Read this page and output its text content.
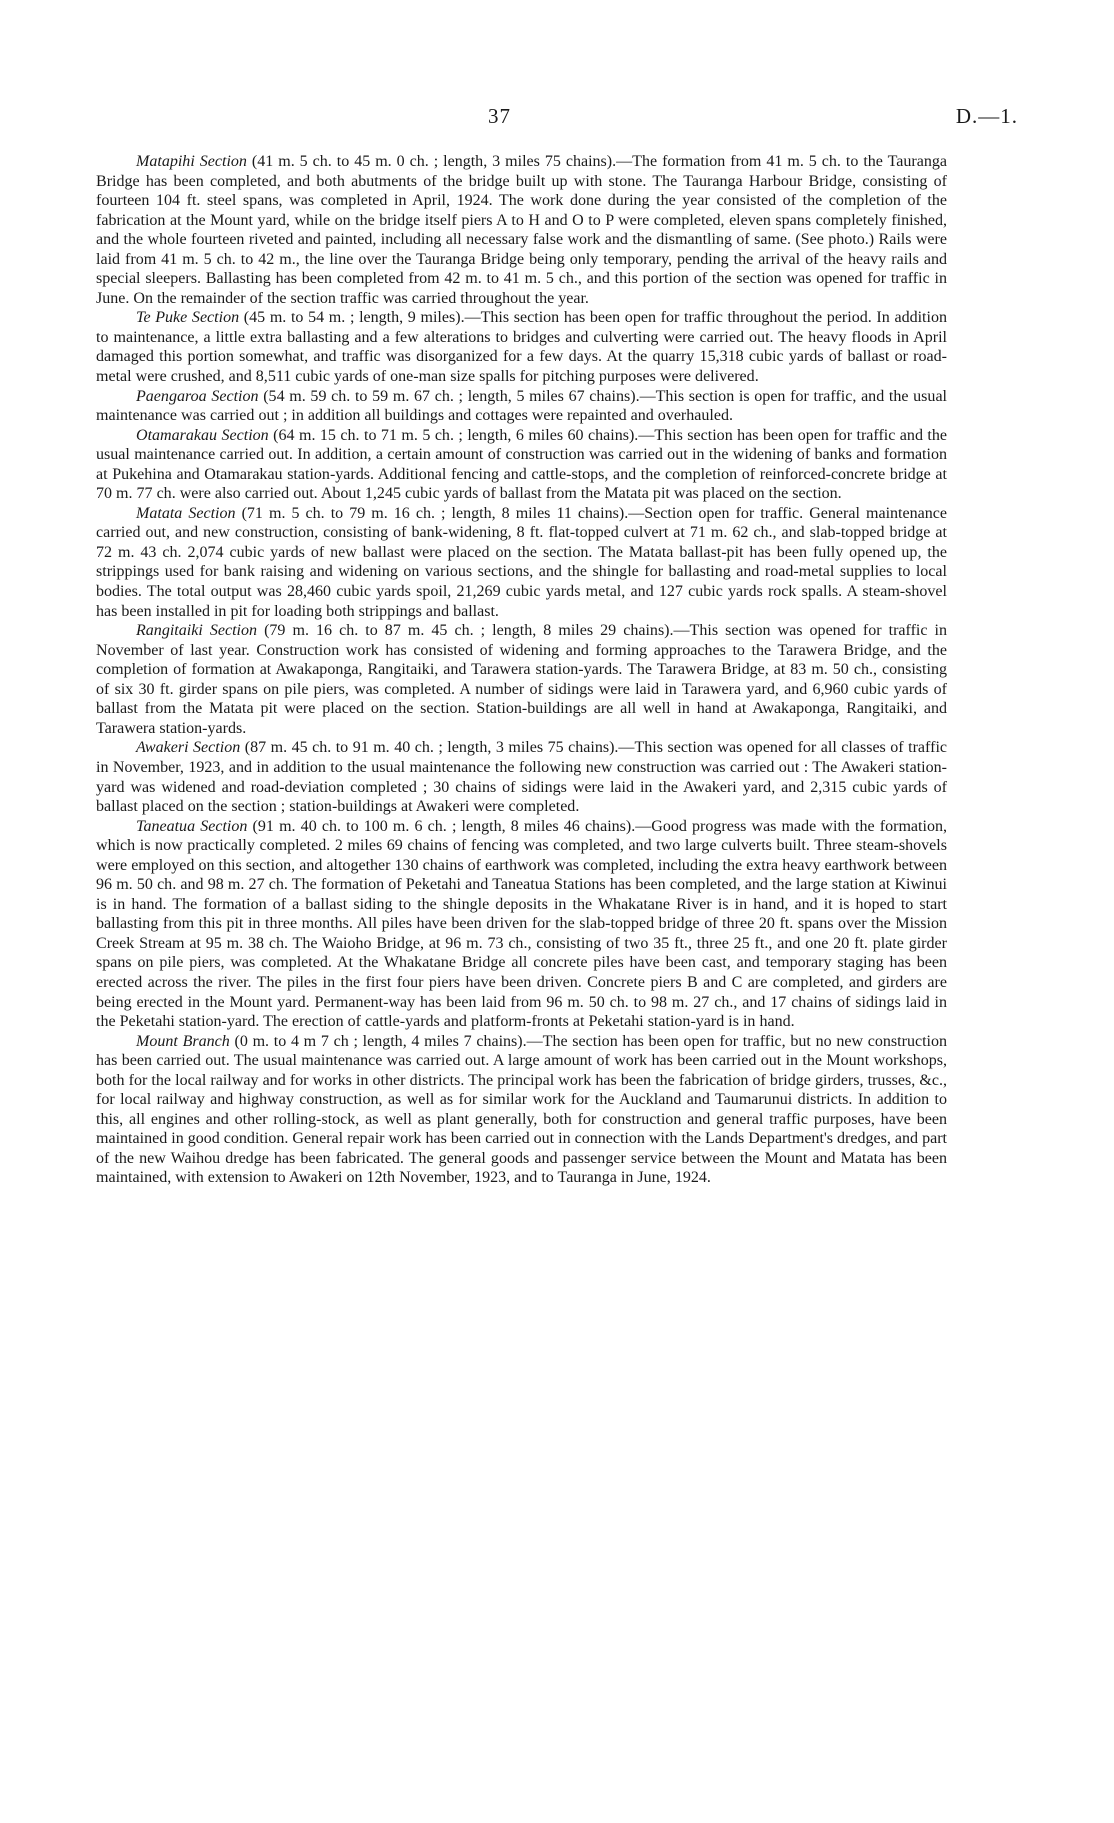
37	D.—1.

Matapihi Section (41 m. 5 ch. to 45 m. 0 ch. ; length, 3 miles 75 chains).—The formation from 41 m. 5 ch. to the Tauranga Bridge has been completed, and both abutments of the bridge built up with stone. The Tauranga Harbour Bridge, consisting of fourteen 104 ft. steel spans, was completed in April, 1924. The work done during the year consisted of the completion of the fabrication at the Mount yard, while on the bridge itself piers A to H and O to P were completed, eleven spans completely finished, and the whole fourteen riveted and painted, including all necessary false work and the dismantling of same. (See photo.) Rails were laid from 41 m. 5 ch. to 42 m., the line over the Tauranga Bridge being only temporary, pending the arrival of the heavy rails and special sleepers. Ballasting has been completed from 42 m. to 41 m. 5 ch., and this portion of the section was opened for traffic in June. On the remainder of the section traffic was carried throughout the year.

Te Puke Section (45 m. to 54 m. ; length, 9 miles).—This section has been open for traffic throughout the period. In addition to maintenance, a little extra ballasting and a few alterations to bridges and culverting were carried out. The heavy floods in April damaged this portion somewhat, and traffic was disorganized for a few days. At the quarry 15,318 cubic yards of ballast or road-metal were crushed, and 8,511 cubic yards of one-man size spalls for pitching purposes were delivered.

Paengaroa Section (54 m. 59 ch. to 59 m. 67 ch. ; length, 5 miles 67 chains).—This section is open for traffic, and the usual maintenance was carried out ; in addition all buildings and cottages were repainted and overhauled.

Otamarakau Section (64 m. 15 ch. to 71 m. 5 ch. ; length, 6 miles 60 chains).—This section has been open for traffic and the usual maintenance carried out. In addition, a certain amount of construction was carried out in the widening of banks and formation at Pukehina and Otamarakau station-yards. Additional fencing and cattle-stops, and the completion of reinforced-concrete bridge at 70 m. 77 ch. were also carried out. About 1,245 cubic yards of ballast from the Matata pit was placed on the section.

Matata Section (71 m. 5 ch. to 79 m. 16 ch. ; length, 8 miles 11 chains).—Section open for traffic. General maintenance carried out, and new construction, consisting of bank-widening, 8 ft. flat-topped culvert at 71 m. 62 ch., and slab-topped bridge at 72 m. 43 ch. 2,074 cubic yards of new ballast were placed on the section. The Matata ballast-pit has been fully opened up, the strippings used for bank raising and widening on various sections, and the shingle for ballasting and road-metal supplies to local bodies. The total output was 28,460 cubic yards spoil, 21,269 cubic yards metal, and 127 cubic yards rock spalls. A steam-shovel has been installed in pit for loading both strippings and ballast.

Rangitaiki Section (79 m. 16 ch. to 87 m. 45 ch. ; length, 8 miles 29 chains).—This section was opened for traffic in November of last year. Construction work has consisted of widening and forming approaches to the Tarawera Bridge, and the completion of formation at Awakaponga, Rangitaiki, and Tarawera station-yards. The Tarawera Bridge, at 83 m. 50 ch., consisting of six 30 ft. girder spans on pile piers, was completed. A number of sidings were laid in Tarawera yard, and 6,960 cubic yards of ballast from the Matata pit were placed on the section. Station-buildings are all well in hand at Awakaponga, Rangitaiki, and Tarawera station-yards.

Awakeri Section (87 m. 45 ch. to 91 m. 40 ch. ; length, 3 miles 75 chains).—This section was opened for all classes of traffic in November, 1923, and in addition to the usual maintenance the following new construction was carried out : The Awakeri station-yard was widened and road-deviation completed ; 30 chains of sidings were laid in the Awakeri yard, and 2,315 cubic yards of ballast placed on the section ; station-buildings at Awakeri were completed.

Taneatua Section (91 m. 40 ch. to 100 m. 6 ch. ; length, 8 miles 46 chains).—Good progress was made with the formation, which is now practically completed. 2 miles 69 chains of fencing was completed, and two large culverts built. Three steam-shovels were employed on this section, and altogether 130 chains of earthwork was completed, including the extra heavy earthwork between 96 m. 50 ch. and 98 m. 27 ch. The formation of Peketahi and Taneatua Stations has been completed, and the large station at Kiwinui is in hand. The formation of a ballast siding to the shingle deposits in the Whakatane River is in hand, and it is hoped to start ballasting from this pit in three months. All piles have been driven for the slab-topped bridge of three 20 ft. spans over the Mission Creek Stream at 95 m. 38 ch. The Waioho Bridge, at 96 m. 73 ch., consisting of two 35 ft., three 25 ft., and one 20 ft. plate girder spans on pile piers, was completed. At the Whakatane Bridge all concrete piles have been cast, and temporary staging has been erected across the river. The piles in the first four piers have been driven. Concrete piers B and C are completed, and girders are being erected in the Mount yard. Permanent-way has been laid from 96 m. 50 ch. to 98 m. 27 ch., and 17 chains of sidings laid in the Peketahi station-yard. The erection of cattle-yards and platform-fronts at Peketahi station-yard is in hand.

Mount Branch (0 m. to 4 m 7 ch ; length, 4 miles 7 chains).—The section has been open for traffic, but no new construction has been carried out. The usual maintenance was carried out. A large amount of work has been carried out in the Mount workshops, both for the local railway and for works in other districts. The principal work has been the fabrication of bridge girders, trusses, &c., for local railway and highway construction, as well as for similar work for the Auckland and Taumarunui districts. In addition to this, all engines and other rolling-stock, as well as plant generally, both for construction and general traffic purposes, have been maintained in good condition. General repair work has been carried out in connection with the Lands Department's dredges, and part of the new Waihou dredge has been fabricated. The general goods and passenger service between the Mount and Matata has been maintained, with extension to Awakeri on 12th November, 1923, and to Tauranga in June, 1924.
